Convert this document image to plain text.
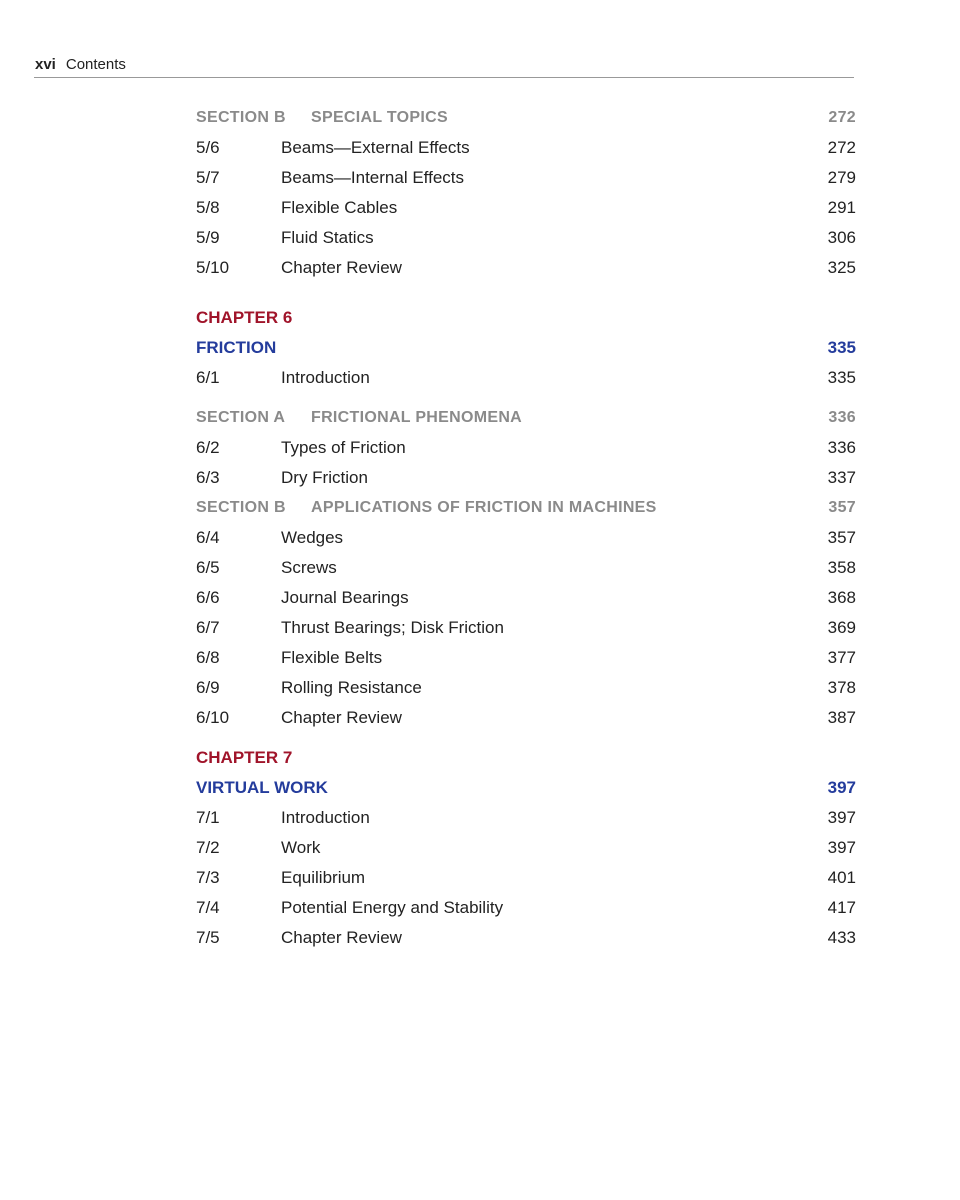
xvi Contents
SECTION B SPECIAL TOPICS	272
5/6	Beams—External Effects	272
5/7	Beams—Internal Effects	279
5/8	Flexible Cables	291
5/9	Fluid Statics	306
5/10	Chapter Review	325
CHAPTER 6
FRICTION	335
6/1	Introduction	335
SECTION A FRICTIONAL PHENOMENA	336
6/2	Types of Friction	336
6/3	Dry Friction	337
SECTION B APPLICATIONS OF FRICTION IN MACHINES	357
6/4	Wedges	357
6/5	Screws	358
6/6	Journal Bearings	368
6/7	Thrust Bearings; Disk Friction	369
6/8	Flexible Belts	377
6/9	Rolling Resistance	378
6/10	Chapter Review	387
CHAPTER 7
VIRTUAL WORK	397
7/1	Introduction	397
7/2	Work	397
7/3	Equilibrium	401
7/4	Potential Energy and Stability	417
7/5	Chapter Review	433
